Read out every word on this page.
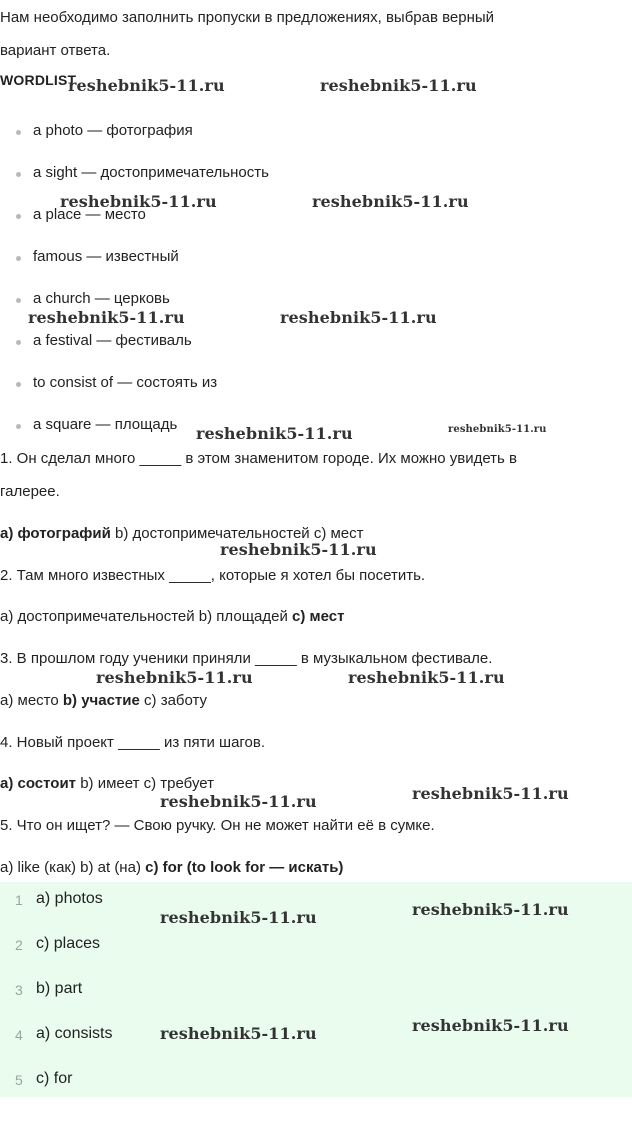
Нам необходимо заполнить пропуски в предложениях, выбрав верный
вариант ответа.
WORDLIST
a photo — фотография
a sight — достопримечательность
a place — место
famous — известный
a church — церковь
a festival — фестиваль
to consist of — состоять из
a square — площадь
1. Он сделал много _____ в этом знаменитом городе. Их можно увидеть в
галерее.
a) фотографий b) достопримечательностей c) мест
2. Там много известных _____, которые я хотел бы посетить.
a) достопримечательностей b) площадей c) мест
3. В прошлом году ученики приняли _____ в музыкальном фестивале.
a) место b) участие c) заботу
4. Новый проект _____ из пяти шагов.
a) состоит b) имеет c) требует
5. Что он ищет? — Свою ручку. Он не может найти её в сумке.
a) like (как) b) at (на) c) for (to look for — искать)
1 a) photos
2 c) places
3 b) part
4 a) consists
5 c) for
reshebnik5-11.ru	reshebnik5-11.ru
reshebnik5-11.ru	reshebnik5-11.ru
reshebnik5-11.ru	reshebnik5-11.ru
reshebnik5-11.ru	reshebnik5-11.ru
reshebnik5-11.ru
reshebnik5-11.ru	reshebnik5-11.ru
reshebnik5-11.ru	reshebnik5-11.ru
reshebnik5-11.ru	reshebnik5-11.ru
reshebnik5-11.ru	reshebnik5-11.ru
